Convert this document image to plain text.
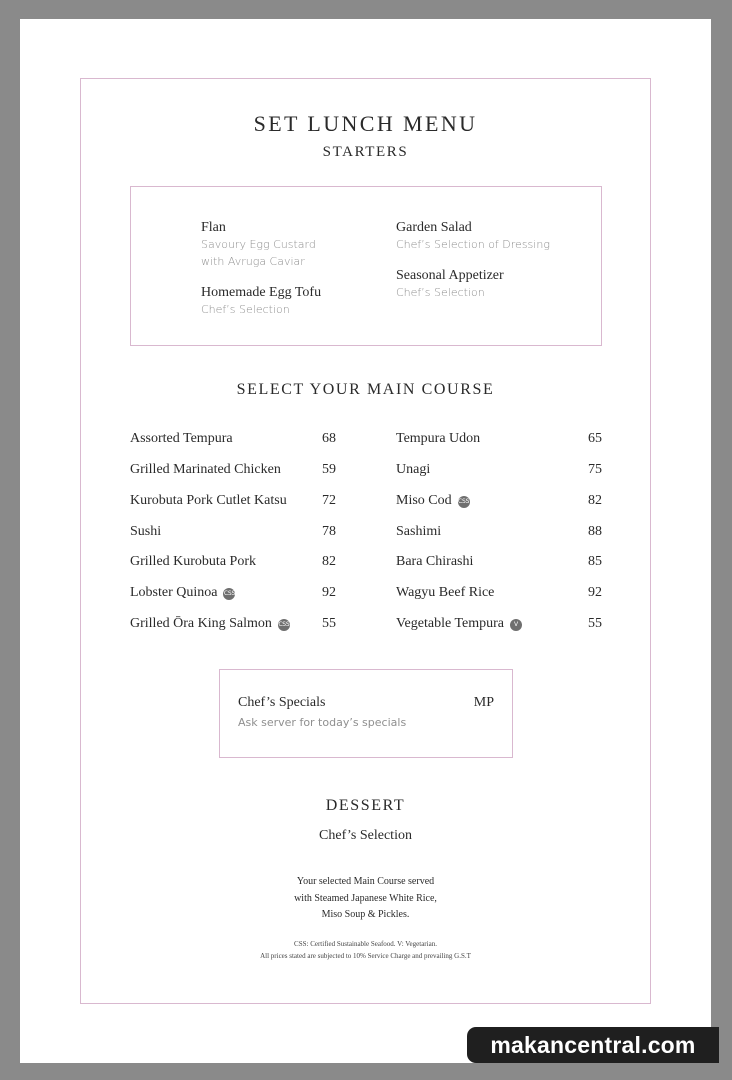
SET LUNCH MENU
STARTERS
Flan
Savoury Egg Custard
with Avruga Caviar
Homemade Egg Tofu
Chef’s Selection
Garden Salad
Chef’s Selection of Dressing
Seasonal Appetizer
Chef’s Selection
SELECT YOUR MAIN COURSE
Assorted Tempura	68
Grilled Marinated Chicken	59
Kurobuta Pork Cutlet Katsu	72
Sushi	78
Grilled Kurobuta Pork	82
Lobster Quinoa CSS	92
Grilled Ōra King Salmon CSS	55
Tempura Udon	65
Unagi	75
Miso Cod CSS	82
Sashimi	88
Bara Chirashi	85
Wagyu Beef Rice	92
Vegetable Tempura V	55
Chef’s Specials	MP
Ask server for today’s specials
DESSERT
Chef’s Selection
Your selected Main Course served
with Steamed Japanese White Rice,
Miso Soup & Pickles.
CSS: Certified Sustainable Seafood. V: Vegetarian.
All prices stated are subjected to 10% Service Charge and prevailing G.S.T
makancentral.com
